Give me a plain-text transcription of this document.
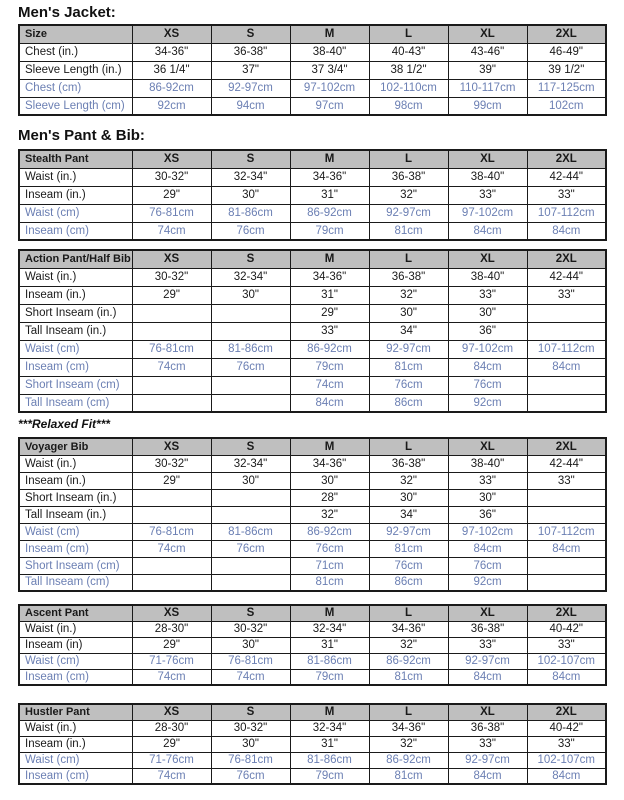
Men's Jacket:
Size	XS	S	M	L	XL	2XL
Chest (in.)	34-36"	36-38"	38-40"	40-43"	43-46"	46-49"
Sleeve Length (in.)	36 1/4"	37"	37 3/4"	38 1/2"	39"	39 1/2"
Chest (cm)	86-92cm	92-97cm	97-102cm	102-110cm	110-117cm	117-125cm
Sleeve Length (cm)	92cm	94cm	97cm	98cm	99cm	102cm
Men's Pant & Bib:
Stealth Pant	XS	S	M	L	XL	2XL
Waist (in.)	30-32"	32-34"	34-36"	36-38"	38-40"	42-44"
Inseam (in.)	29"	30"	31"	32"	33"	33"
Waist (cm)	76-81cm	81-86cm	86-92cm	92-97cm	97-102cm	107-112cm
Inseam (cm)	74cm	76cm	79cm	81cm	84cm	84cm
Action Pant/Half Bib	XS	S	M	L	XL	2XL
Waist (in.)	30-32"	32-34"	34-36"	36-38"	38-40"	42-44"
Inseam (in.)	29"	30"	31"	32"	33"	33"
Short Inseam (in.)			29"	30"	30"	
Tall Inseam (in.)			33"	34"	36"	
Waist (cm)	76-81cm	81-86cm	86-92cm	92-97cm	97-102cm	107-112cm
Inseam (cm)	74cm	76cm	79cm	81cm	84cm	84cm
Short Inseam (cm)			74cm	76cm	76cm	
Tall Inseam (cm)			84cm	86cm	92cm	
***Relaxed Fit***
Voyager Bib	XS	S	M	L	XL	2XL
Waist (in.)	30-32"	32-34"	34-36"	36-38"	38-40"	42-44"
Inseam (in.)	29"	30"	30"	32"	33"	33"
Short Inseam (in.)			28"	30"	30"	
Tall Inseam (in.)			32"	34"	36"	
Waist (cm)	76-81cm	81-86cm	86-92cm	92-97cm	97-102cm	107-112cm
Inseam (cm)	74cm	76cm	76cm	81cm	84cm	84cm
Short Inseam (cm)			71cm	76cm	76cm	
Tall Inseam (cm)			81cm	86cm	92cm	
Ascent Pant	XS	S	M	L	XL	2XL
Waist (in.)	28-30"	30-32"	32-34"	34-36"	36-38"	40-42"
Inseam (in)	29"	30"	31"	32"	33"	33"
Waist (cm)	71-76cm	76-81cm	81-86cm	86-92cm	92-97cm	102-107cm
Inseam (cm)	74cm	74cm	79cm	81cm	84cm	84cm
Hustler Pant	XS	S	M	L	XL	2XL
Waist (in.)	28-30"	30-32"	32-34"	34-36"	36-38"	40-42"
Inseam (in.)	29"	30"	31"	32"	33"	33"
Waist (cm)	71-76cm	76-81cm	81-86cm	86-92cm	92-97cm	102-107cm
Inseam (cm)	74cm	76cm	79cm	81cm	84cm	84cm
